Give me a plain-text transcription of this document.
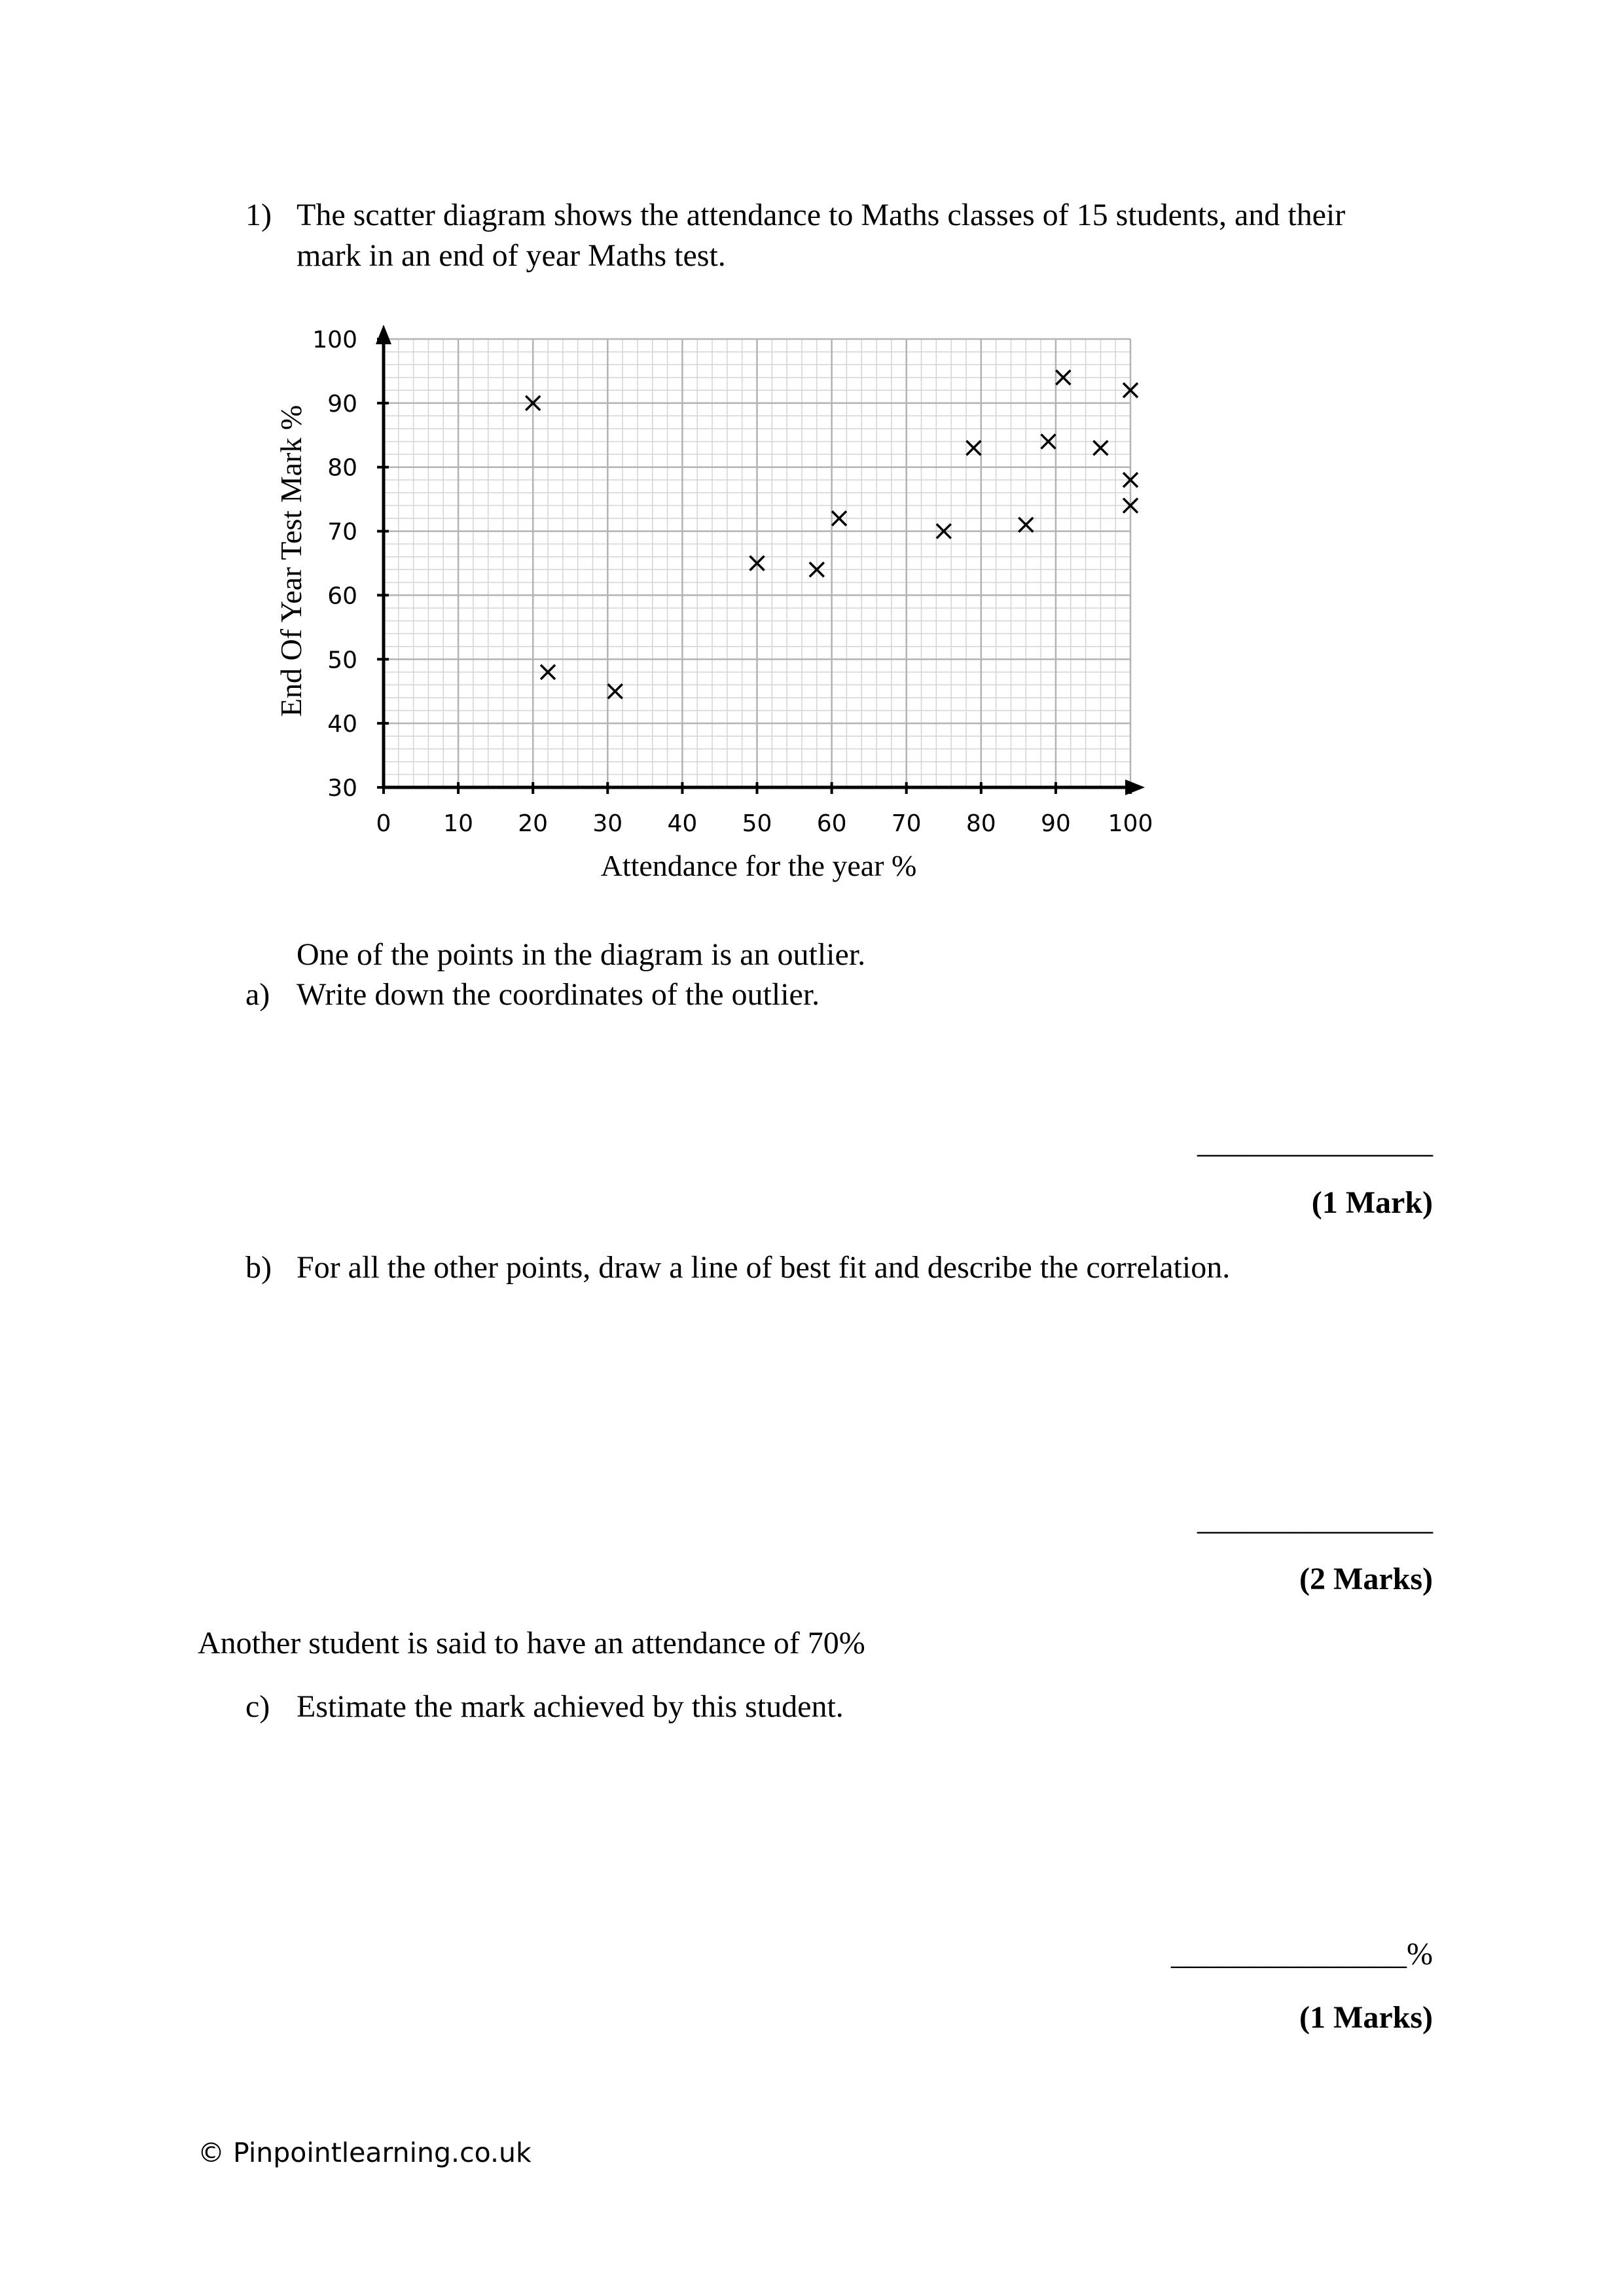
1) The scatter diagram shows the attendance to Maths classes of 15 students, and their
mark in an end of year Maths test.
0 10 20 30 40 50 60 70 80 90 100
30
40
50
60
70
80
90
100
Attendance for the year %
End Of Year Test Mark %
One of the points in the diagram is an outlier.
a) Write down the coordinates of the outlier.
_______________
(1 Mark)
b) For all the other points, draw a line of best fit and describe the correlation.
_______________
(2 Marks)
Another student is said to have an attendance of 70%
c) Estimate the mark achieved by this student.
_______________%
(1 Marks)
© Pinpointlearning.co.uk
